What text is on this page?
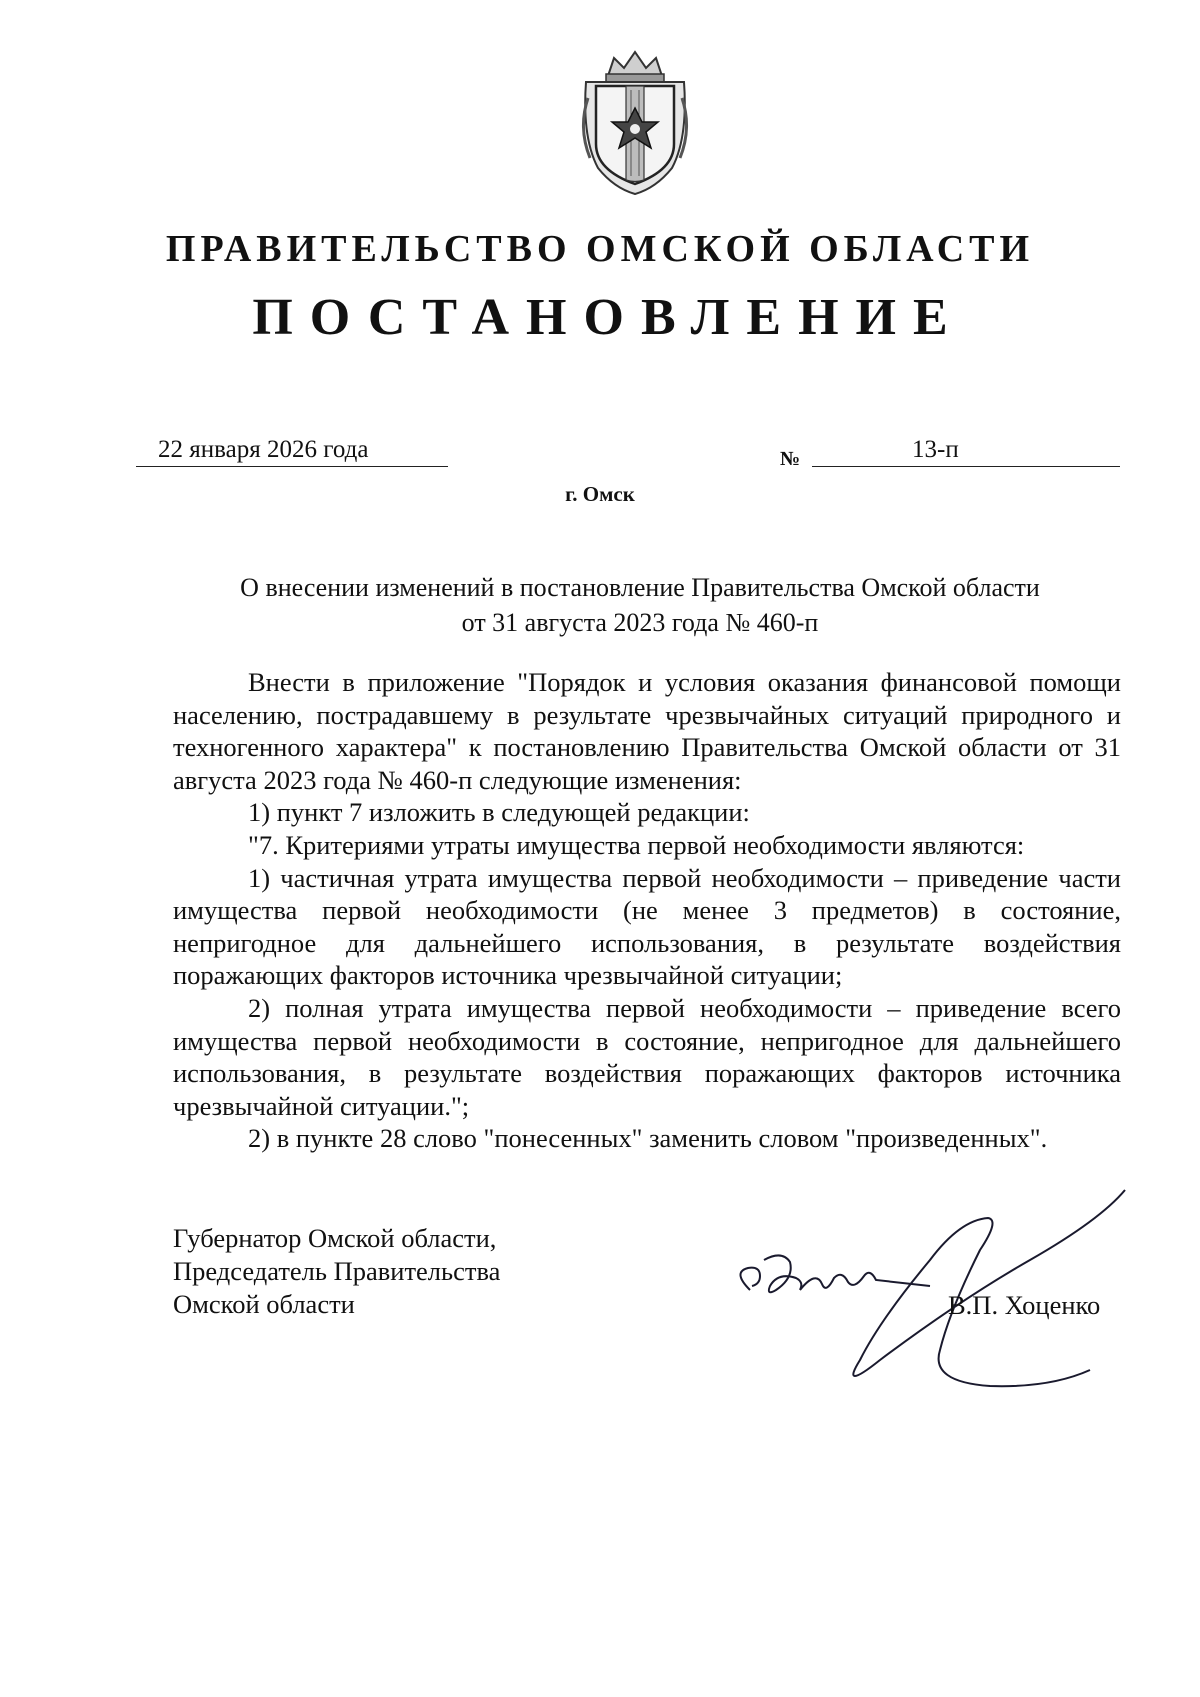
ПРАВИТЕЛЬСТВО ОМСКОЙ ОБЛАСТИ
ПОСТАНОВЛЕНИЕ
22 января 2026 года	№	13-п
г. Омск
О внесении изменений в постановление Правительства Омской области
от 31 августа 2023 года № 460-п

Внести в приложение "Порядок и условия оказания финансовой помощи населению, пострадавшему в результате чрезвычайных ситуаций природного и техногенного характера" к постановлению Правительства Омской области от 31 августа 2023 года № 460-п следующие изменения:

1) пункт 7 изложить в следующей редакции:

"7. Критериями утраты имущества первой необходимости являются:

1) частичная утрата имущества первой необходимости – приведение части имущества первой необходимости (не менее 3 предметов) в состояние, непригодное для дальнейшего использования, в результате воздействия поражающих факторов источника чрезвычайной ситуации;

2) полная утрата имущества первой необходимости – приведение всего имущества первой необходимости в состояние, непригодное для дальнейшего использования, в результате воздействия поражающих факторов источника чрезвычайной ситуации.";

2) в пункте 28 слово "понесенных" заменить словом "произведенных".

Губернатор Омской области,
Председатель Правительства
Омской области	В.П. Хоценко
